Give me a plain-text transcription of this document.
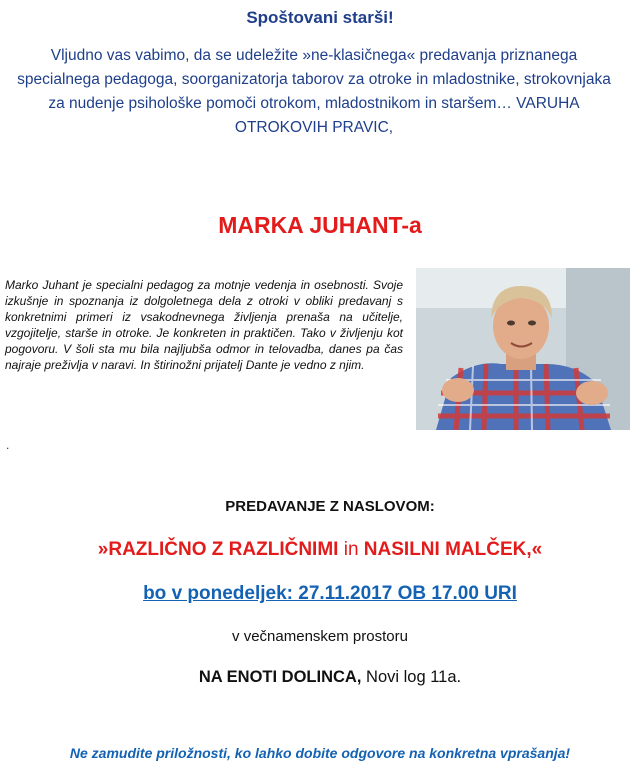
Spoštovani starši!
Vljudno vas vabimo, da se udeležite »ne-klasičnega« predavanja priznanega specialnega pedagoga, soorganizatorja taborov za otroke in mladostnike, strokovnjaka za nudenje psihološke pomoči otrokom, mladostnikom in staršem… VARUHA OTROKOVIH PRAVIC,
MARKA JUHANT-a
Marko Juhant je specialni pedagog za motnje vedenja in osebnosti. Svoje izkušnje in spoznanja iz dolgoletnega dela z otroki v obliki predavanj s konkretnimi primeri iz vsakodnevnega življenja prenaša na učitelje, vzgojitelje, starše in otroke. Je konkreten in praktičen. Tako v življenju kot pogovoru. V šoli sta mu bila najljubša odmor in telovadba, danes pa čas najraje preživlja v naravi. In štirinožni prijatelj Dante je vedno z njim.
.
PREDAVANJE Z NASLOVOM:
»RAZLIČNO Z RAZLIČNIMI in NASILNI MALČEK,«
bo v ponedeljek: 27.11.2017 OB 17.00 URI
v večnamenskem prostoru
NA ENOTI DOLINCA, Novi log 11a.
Ne zamudite priložnosti, ko lahko dobite odgovore na konkretna vprašanja!
